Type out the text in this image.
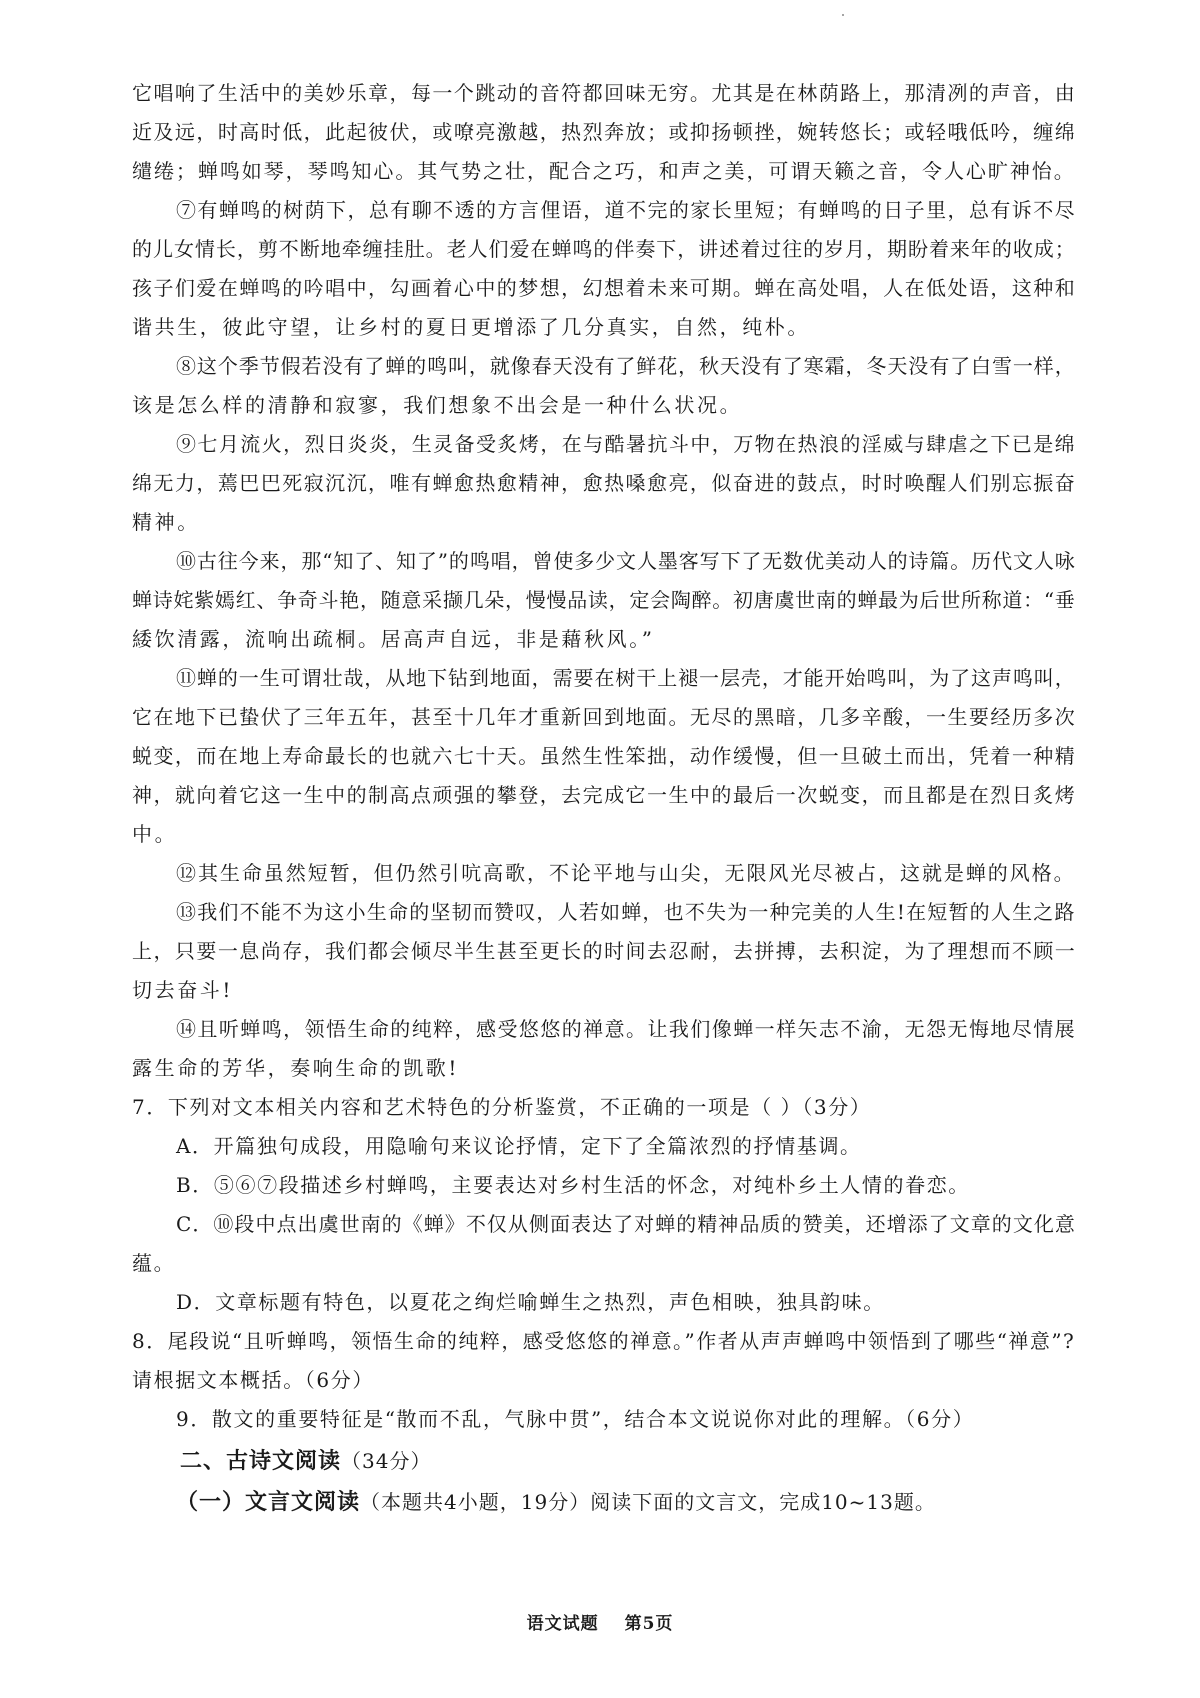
它唱响了生活中的美妙乐章，每一个跳动的音符都回味无穷。尤其是在林荫路上，那清冽的声音，由
近及远，时高时低，此起彼伏，或嘹亮激越，热烈奔放；或抑扬顿挫，婉转悠长；或轻哦低吟，缠绵
缱绻；蝉鸣如琴，琴鸣知心。其气势之壮，配合之巧，和声之美，可谓天籁之音，令人心旷神怡。
⑦有蝉鸣的树荫下，总有聊不透的方言俚语，道不完的家长里短；有蝉鸣的日子里，总有诉不尽
的儿女情长，剪不断地牵缠挂肚。老人们爱在蝉鸣的伴奏下，讲述着过往的岁月，期盼着来年的收成；
孩子们爱在蝉鸣的吟唱中，勾画着心中的梦想，幻想着未来可期。蝉在高处唱，人在低处语，这种和
谐共生，彼此守望，让乡村的夏日更增添了几分真实，自然，纯朴。
⑧这个季节假若没有了蝉的鸣叫，就像春天没有了鲜花，秋天没有了寒霜，冬天没有了白雪一样，
该是怎么样的清静和寂寥，我们想象不出会是一种什么状况。
⑨七月流火，烈日炎炎，生灵备受炙烤，在与酷暑抗斗中，万物在热浪的淫威与肆虐之下已是绵
绵无力，蔫巴巴死寂沉沉，唯有蝉愈热愈精神，愈热嗓愈亮，似奋进的鼓点，时时唤醒人们别忘振奋
精神。
⑩古往今来，那“知了、知了”的鸣唱，曾使多少文人墨客写下了无数优美动人的诗篇。历代文人咏
蝉诗姹紫嫣红、争奇斗艳，随意采撷几朵，慢慢品读，定会陶醉。初唐虞世南的蝉最为后世所称道：“垂
緌饮清露，流响出疏桐。居高声自远，非是藉秋风。”
⑪蝉的一生可谓壮哉，从地下钻到地面，需要在树干上褪一层壳，才能开始鸣叫，为了这声鸣叫，
它在地下已蛰伏了三年五年，甚至十几年才重新回到地面。无尽的黑暗，几多辛酸，一生要经历多次
蜕变，而在地上寿命最长的也就六七十天。虽然生性笨拙，动作缓慢，但一旦破土而出，凭着一种精
神，就向着它这一生中的制高点顽强的攀登，去完成它一生中的最后一次蜕变，而且都是在烈日炙烤
中。
⑫其生命虽然短暂，但仍然引吭高歌，不论平地与山尖，无限风光尽被占，这就是蝉的风格。
⑬我们不能不为这小生命的坚韧而赞叹，人若如蝉，也不失为一种完美的人生!在短暂的人生之路
上，只要一息尚存，我们都会倾尽半生甚至更长的时间去忍耐，去拼搏，去积淀，为了理想而不顾一
切去奋斗!
⑭且听蝉鸣，领悟生命的纯粹，感受悠悠的禅意。让我们像蝉一样矢志不渝，无怨无悔地尽情展
露生命的芳华，奏响生命的凯歌!
7．下列对文本相关内容和艺术特色的分析鉴赏，不正确的一项是（ ）（3分）
A．开篇独句成段，用隐喻句来议论抒情，定下了全篇浓烈的抒情基调。
B．⑤⑥⑦段描述乡村蝉鸣，主要表达对乡村生活的怀念，对纯朴乡土人情的眷恋。
C．⑩段中点出虞世南的《蝉》不仅从侧面表达了对蝉的精神品质的赞美，还增添了文章的文化意
蕴。
D．文章标题有特色，以夏花之绚烂喻蝉生之热烈，声色相映，独具韵味。
8．尾段说“且听蝉鸣，领悟生命的纯粹，感受悠悠的禅意。”作者从声声蝉鸣中领悟到了哪些“禅意”?
请根据文本概括。（6分）
9．散文的重要特征是“散而不乱，气脉中贯”，结合本文说说你对此的理解。（6分）
二、古诗文阅读（34分）
（一）文言文阅读（本题共4小题，19分）阅读下面的文言文，完成10~13题。
语文试题 第5页
